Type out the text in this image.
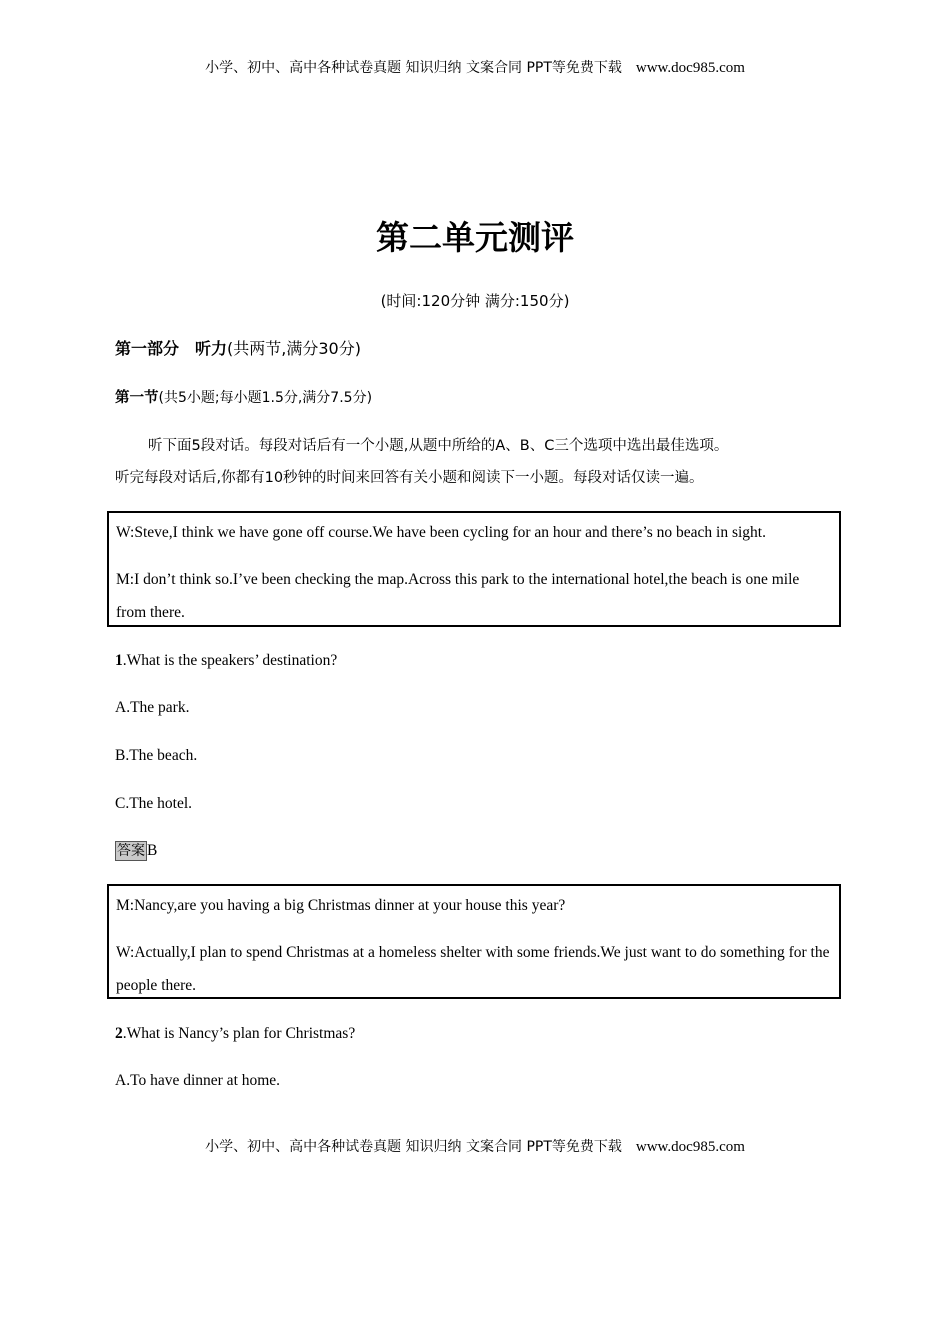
小学、初中、高中各种试卷真题 知识归纳 文案合同 PPT等免费下载 www.doc985.com
第二单元测评
(时间:120分钟 满分:150分)
第一部分　听力(共两节,满分30分)
第一节(共5小题;每小题1.5分,满分7.5分)

听下面5段对话。每段对话后有一个小题,从题中所给的A、B、C三个选项中选出最佳选项。

听完每段对话后,你都有10秒钟的时间来回答有关小题和阅读下一小题。每段对话仅读一遍。

W:Steve,I think we have gone off course.We have been cycling for an hour and there’s no beach in sight.
M:I don’t think so.I’ve been checking the map.Across this park to the international hotel,the beach is one mile from there.
1.What is the speakers’ destination?
A.The park.
B.The beach.
C.The hotel.
答案 B
M:Nancy,are you having a big Christmas dinner at your house this year?
W:Actually,I plan to spend Christmas at a homeless shelter with some friends.We just want to do something for the people there.
2.What is Nancy’s plan for Christmas?
A.To have dinner at home.
小学、初中、高中各种试卷真题 知识归纳 文案合同 PPT等免费下载 www.doc985.com
